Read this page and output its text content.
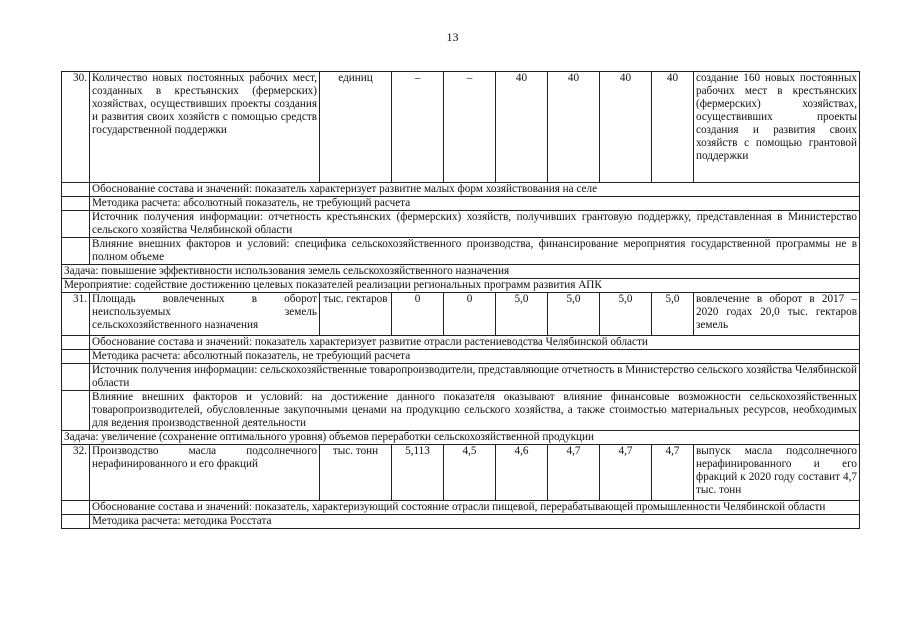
13
30.	Количество новых постоянных рабочих мест, созданных в крестьянских (фермерских) хозяйствах, осуществивших проекты создания и развития своих хозяйств с помощью средств государственной поддержки	единиц	–	–	40	40	40	40	создание 160 новых постоянных рабочих мест в крестьянских (фермерских) хозяйствах, осуществивших проекты создания и развития своих хозяйств с помощью грантовой поддержки
	Обоснование состава и значений: показатель характеризует развитие малых форм хозяйствования на селе								
	Методика расчета: абсолютный показатель, не требующий расчета								
	Источник получения информации: отчетность крестьянских (фермерских) хозяйств, получивших грантовую поддержку, представленная в Министерство сельского хозяйства Челябинской области								
	Влияние внешних факторов и условий: специфика сельскохозяйственного производства, финансирование мероприятия государственной программы не в полном объеме								
Задача: повышение эффективности использования земель сельскохозяйственного назначения									
Мероприятие: содействие достижению целевых показателей реализации региональных программ развития АПК									
31.	Площадь вовлеченных в оборот неиспользуемых земель сельскохозяйственного назначения	тыс. гектаров	0	0	5,0	5,0	5,0	5,0	вовлечение в оборот в 2017 – 2020 годах 20,0 тыс. гектаров земель
	Обоснование состава и значений: показатель характеризует развитие отрасли растениеводства Челябинской области								
	Методика расчета: абсолютный показатель, не требующий расчета								
	Источник получения информации: сельскохозяйственные товаропроизводители, представляющие отчетность в Министерство сельского хозяйства Челябинской области								
	Влияние внешних факторов и условий: на достижение данного показателя оказывают влияние финансовые возможности сельскохозяйственных товаропроизводителей, обусловленные закупочными ценами на продукцию сельского хозяйства, а также стоимостью материальных ресурсов, необходимых для ведения производственной деятельности								
Задача: увеличение (сохранение оптимального уровня) объемов переработки сельскохозяйственной продукции									
32.	Производство масла подсолнечного нерафинированного и его фракций	тыс. тонн	5,113	4,5	4,6	4,7	4,7	4,7	выпуск масла подсолнечного нерафинированного и его фракций к 2020 году составит 4,7 тыс. тонн
	Обоснование состава и значений: показатель, характеризующий состояние отрасли пищевой, перерабатывающей промышленности Челябинской области								
	Методика расчета: методика Росстата								
